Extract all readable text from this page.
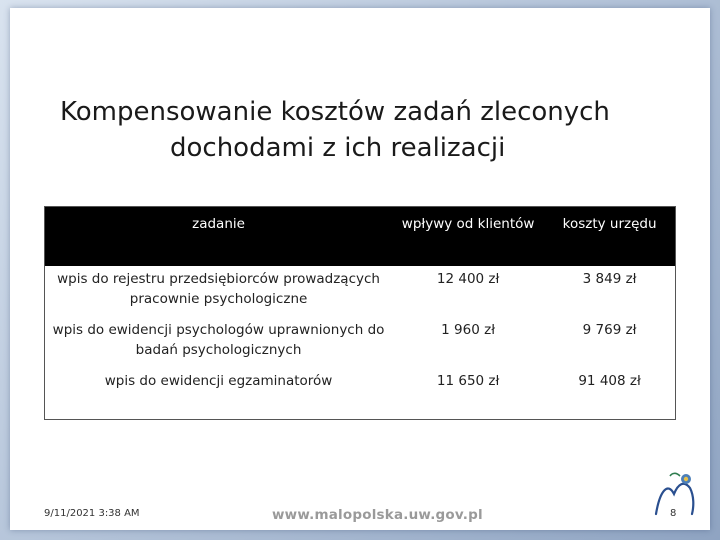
Kompensowanie kosztów zadań zleconych
dochodami z ich realizacji
zadanie	wpływy od klientów	koszty urzędu
wpis do rejestru przedsiębiorców prowadzących pracownie psychologiczne	12 400 zł	3 849 zł
wpis do ewidencji psychologów uprawnionych do badań psychologicznych	1 960 zł	9 769 zł
wpis do ewidencji egzaminatorów	11 650 zł	91 408 zł
9/11/2021 3:38 AM	www.malopolska.uw.gov.pl	8
